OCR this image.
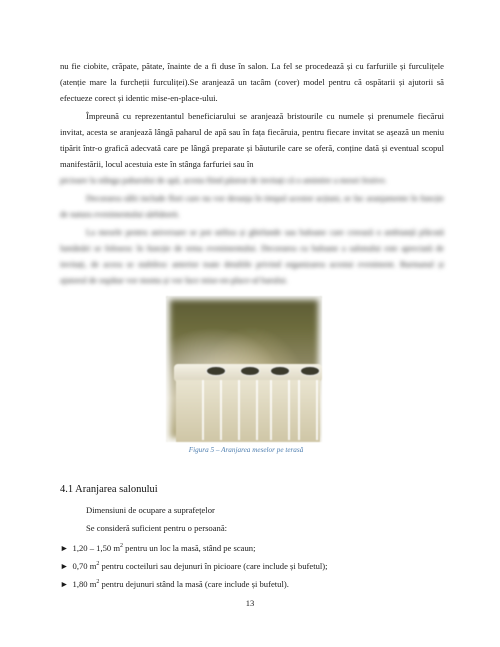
nu fie ciobite, crăpate, pătate, înainte de a fi duse în salon. La fel se procedează și cu farfuriile și furculițele (atenție mare la furcheții furculiței).Se aranjează un tacâm (cover) model pentru că ospătarii și ajutorii să efectueze corect și identic mise-en-place-ului.

Împreună cu reprezentantul beneficiarului se aranjează bristourile cu numele și prenumele fiecărui invitat, acesta se aranjează lângă paharul de apă sau în fața fiecăruia, pentru fiecare invitat se așează un meniu tipărit într-o grafică adecvată care pe lângă preparate și băuturile care se oferă, conține dată și eventual scopul manifestării, locul acestuia este în stânga farfuriei sau în

picioare la stânga paharului de apă, acesta fiind păstrat de invitați că o amintire a mesei festive.

Decorarea sălii include flori care nu vor deranja în timpul acestor acțiuni, se fac aranjamente în funcție de natura evenimentului sărbătorit.

La mesele pentru aniversare se pot utiliza și ghirlande sau baloane care creează o ambianță plăcută lumânări se folosesc în funcție de tema evenimentului. Decorarea cu baloane a salonului este apreciată de invitați, de aceea se stabilesc anterior toate detaliile privind organizarea acestui eveniment. Barmanul și ajutorul de ospătar vor monta și vor face mise-en-place-ul barului.

Figura 5 – Aranjarea meselor pe terasă
4.1 Aranjarea salonului
Dimensiuni de ocupare a suprafețelor
Se consideră suficient pentru o persoană:
► 1,20 – 1,50 $m^2$ pentru un loc la masă, stând pe scaun;
► 0,70 $m^2$ pentru cocteiluri sau dejunuri în picioare (care include și bufetul);
► 1,80 $m^2$ pentru dejunuri stând la masă (care include și bufetul).
13
